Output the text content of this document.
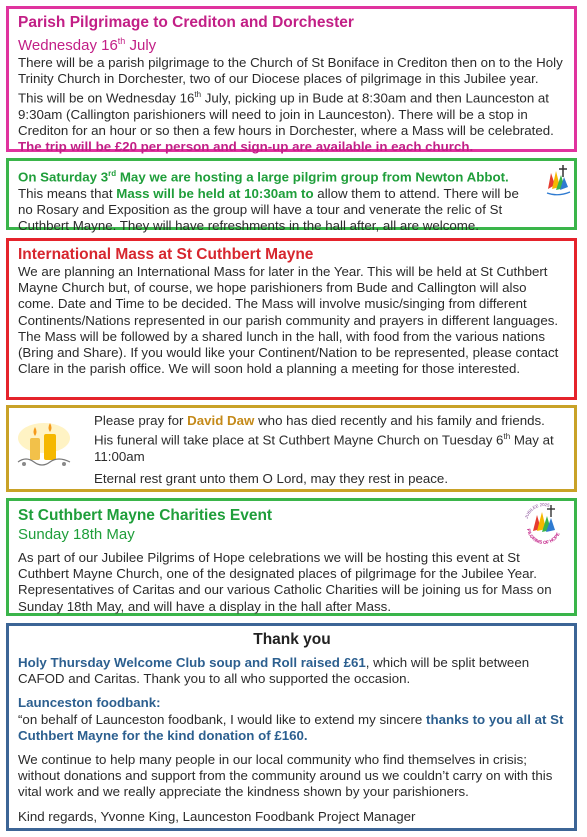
Parish Pilgrimage to Crediton and Dorchester

Wednesday 16th July

There will be a parish pilgrimage to the Church of St Boniface in Crediton then on to the Holy Trinity Church in Dorchester, two of our Diocese places of pilgrimage in this Jubilee year. This will be on Wednesday 16th July, picking up in Bude at 8:30am and then Launceston at 9:30am (Callington parishioners will need to join in Launceston). There will be a stop in Crediton for an hour or so then a few hours in Dorchester, where a Mass will be celebrated. The trip will be £20 per person and sign-up are available in each church.

On Saturday 3rd May we are hosting a large pilgrim group from Newton Abbot. This means that Mass will be held at 10:30am to allow them to attend. There will be no Rosary and Exposition as the group will have a tour and venerate the relic of St Cuthbert Mayne. They will have refreshments in the hall after, all are welcome.

International Mass at St Cuthbert Mayne

We are planning an International Mass for later in the Year. This will be held at St Cuthbert Mayne Church but, of course, we hope parishioners from Bude and Callington will also come. Date and Time to be decided. The Mass will involve music/singing from different Continents/Nations represented in our parish community and prayers in different languages. The Mass will be followed by a shared lunch in the hall, with food from the various nations (Bring and Share). If you would like your Continent/Nation to be represented, please contact Clare in the parish office. We will soon hold a planning a meeting for those interested.

Please pray for David Daw who has died recently and his family and friends. His funeral will take place at St Cuthbert Mayne Church on Tuesday 6th May at 11:00am

Eternal rest grant unto them O Lord, may they rest in peace.

St Cuthbert Mayne Charities Event

Sunday 18th May

As part of our Jubilee Pilgrims of Hope celebrations we will be hosting this event at St Cuthbert Mayne Church, one of the designated places of pilgrimage for the Jubilee Year. Representatives of Caritas and our various Catholic Charities will be joining us for Mass on Sunday 18th May, and will have a display in the hall after Mass.

JUBILEE 2025
PILGRIMS OF HOPE

Thank you

Holy Thursday Welcome Club soup and Roll raised £61, which will be split between CAFOD and Caritas. Thank you to all who supported the occasion.

Launceston foodbank:

“on behalf of Launceston foodbank, I would like to extend my sincere thanks to you all at St Cuthbert Mayne for the kind donation of £160.

We continue to help many people in our local community who find themselves in crisis; without donations and support from the community around us we couldn’t carry on with this vital work and we really appreciate the kindness shown by your parishioners.

Kind regards, Yvonne King, Launceston Foodbank Project Manager
